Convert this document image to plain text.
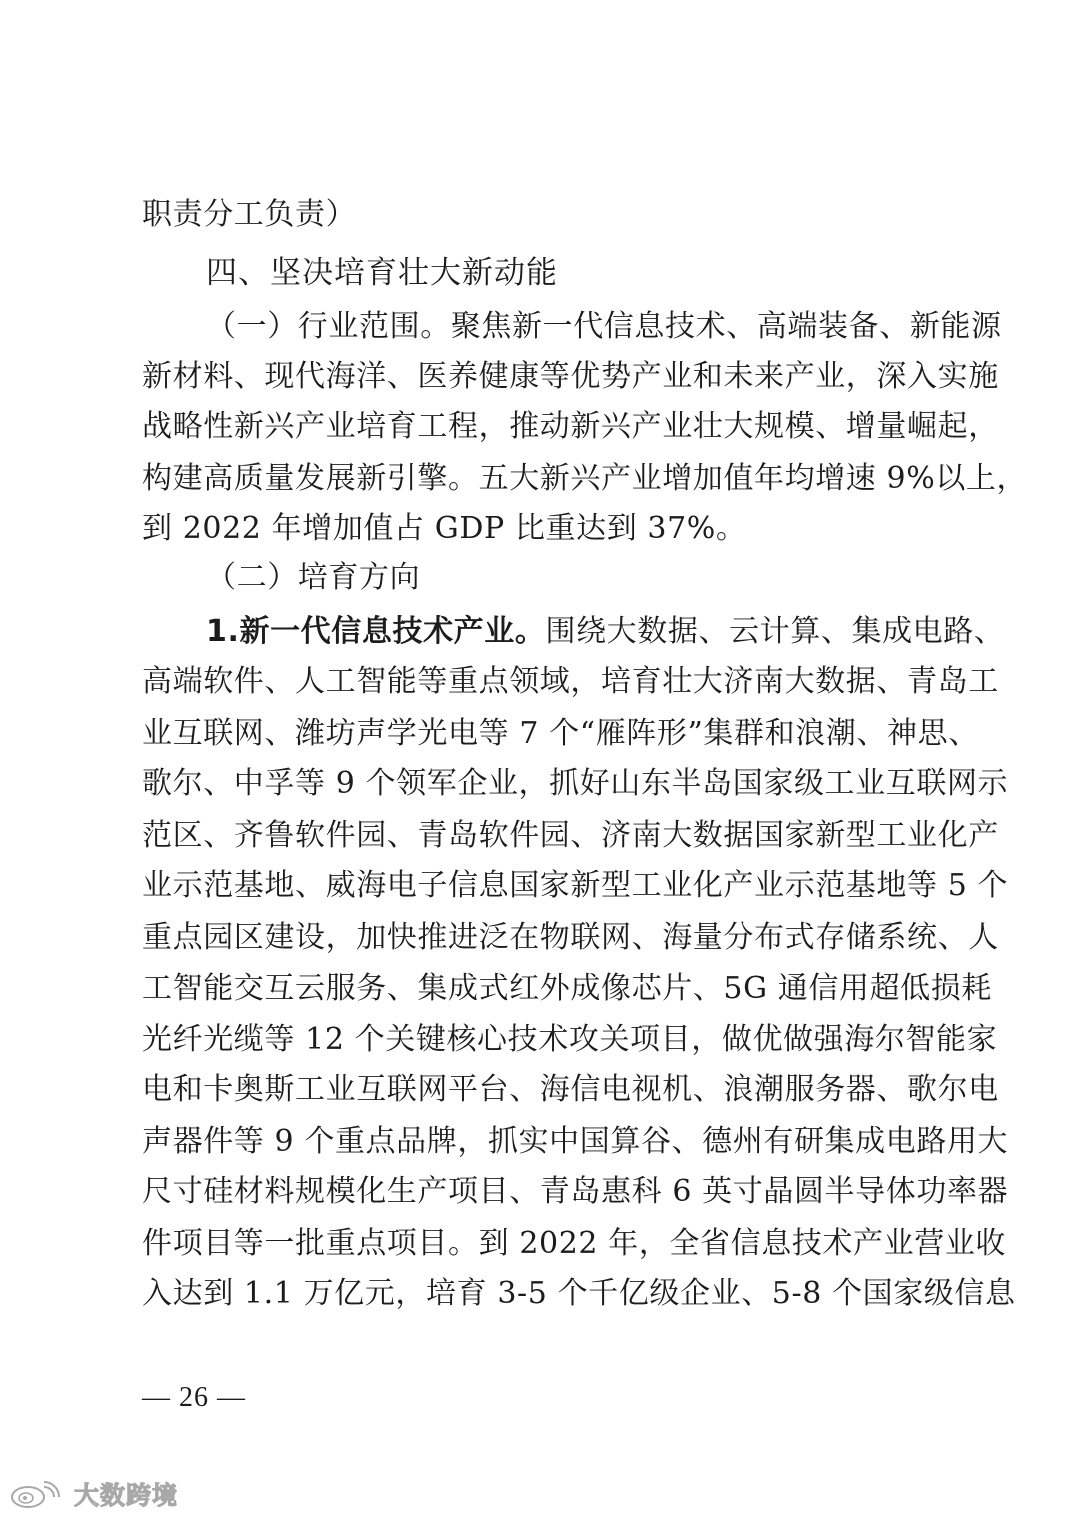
职责分工负责）
四、坚决培育壮大新动能
（一）行业范围。聚焦新一代信息技术、高端装备、新能源
新材料、现代海洋、医养健康等优势产业和未来产业，深入实施
战略性新兴产业培育工程，推动新兴产业壮大规模、增量崛起，
构建高质量发展新引擎。五大新兴产业增加值年均增速 9%以上，
到 2022 年增加值占 GDP 比重达到 37%。
（二）培育方向
1.新一代信息技术产业。围绕大数据、云计算、集成电路、
高端软件、人工智能等重点领域，培育壮大济南大数据、青岛工
业互联网、潍坊声学光电等 7 个“雁阵形”集群和浪潮、神思、
歌尔、中孚等 9 个领军企业，抓好山东半岛国家级工业互联网示
范区、齐鲁软件园、青岛软件园、济南大数据国家新型工业化产
业示范基地、威海电子信息国家新型工业化产业示范基地等 5 个
重点园区建设，加快推进泛在物联网、海量分布式存储系统、人
工智能交互云服务、集成式红外成像芯片、5G 通信用超低损耗
光纤光缆等 12 个关键核心技术攻关项目，做优做强海尔智能家
电和卡奥斯工业互联网平台、海信电视机、浪潮服务器、歌尔电
声器件等 9 个重点品牌，抓实中国算谷、德州有研集成电路用大
尺寸硅材料规模化生产项目、青岛惠科 6 英寸晶圆半导体功率器
件项目等一批重点项目。到 2022 年，全省信息技术产业营业收
入达到 1.1 万亿元，培育 3-5 个千亿级企业、5-8 个国家级信息
— 26 —
大数跨境
